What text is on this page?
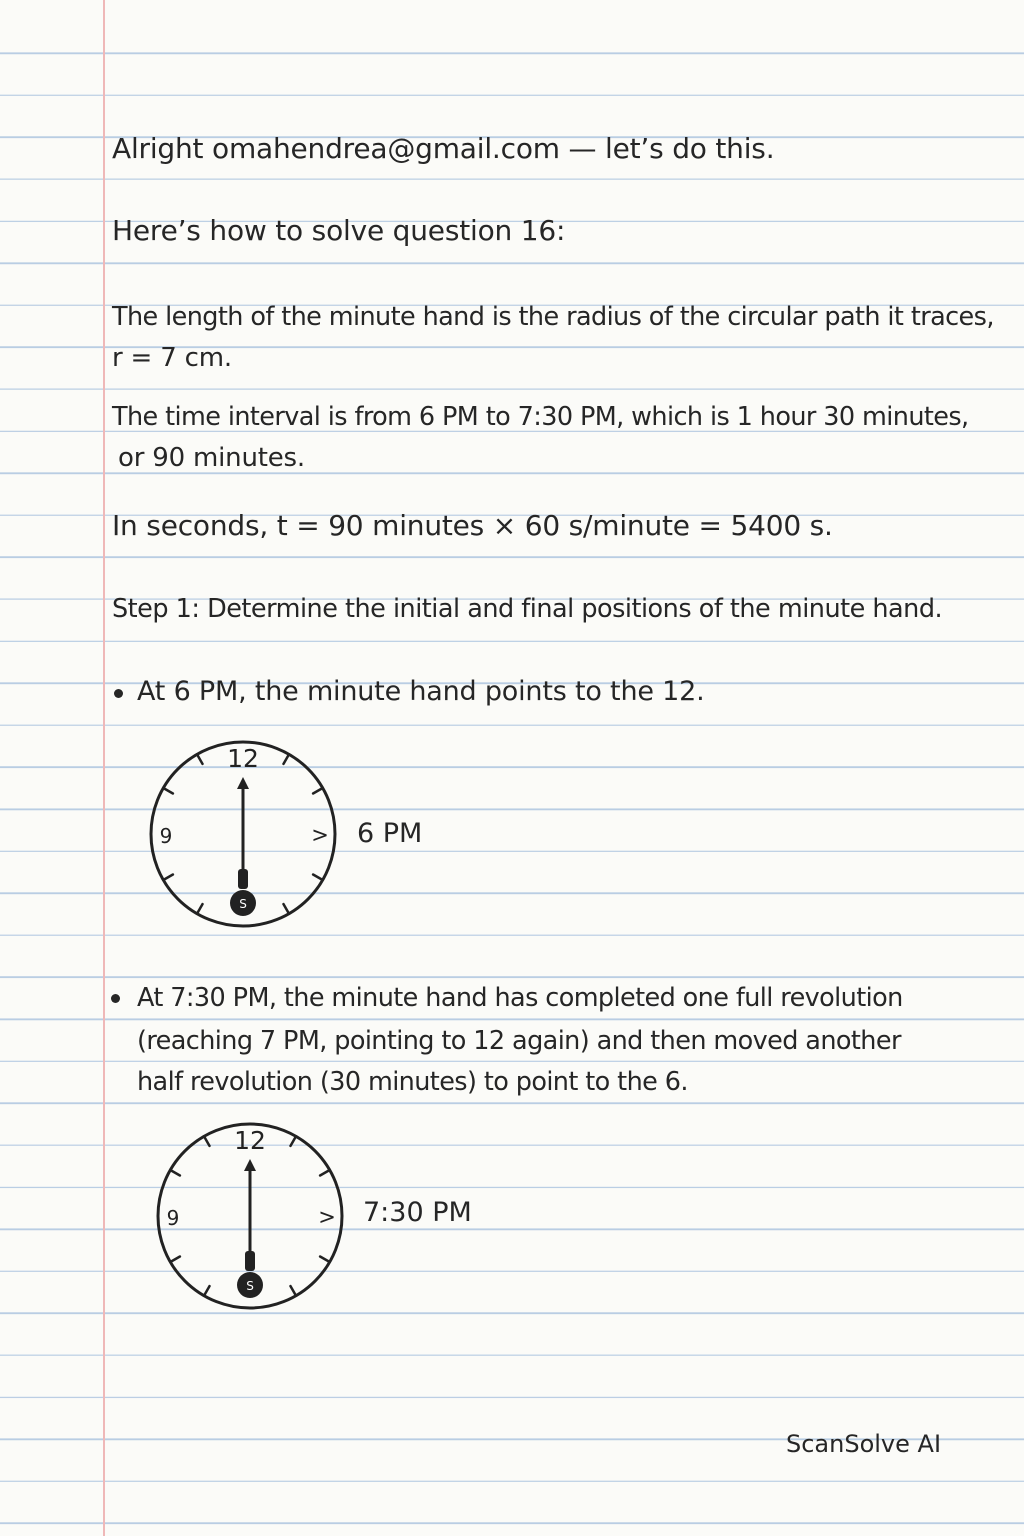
Alright omahendrea@gmail.com — let’s do this.
Here’s how to solve question 16:
The length of the minute hand is the radius of the circular path it traces,
r = 7 cm.
The time interval is from 6 PM to 7:30 PM, which is 1 hour 30 minutes,
or 90 minutes.
In seconds, t = 90 minutes × 60 s/minute = 5400 s.
Step 1: Determine the initial and final positions of the minute hand.
At 6 PM, the minute hand points to the 12.
12
9	>
S
6 PM
At 7:30 PM, the minute hand has completed one full revolution
(reaching 7 PM, pointing to 12 again) and then moved another
half revolution (30 minutes) to point to the 6.
12
9	>
S
7:30 PM
ScanSolve AI
